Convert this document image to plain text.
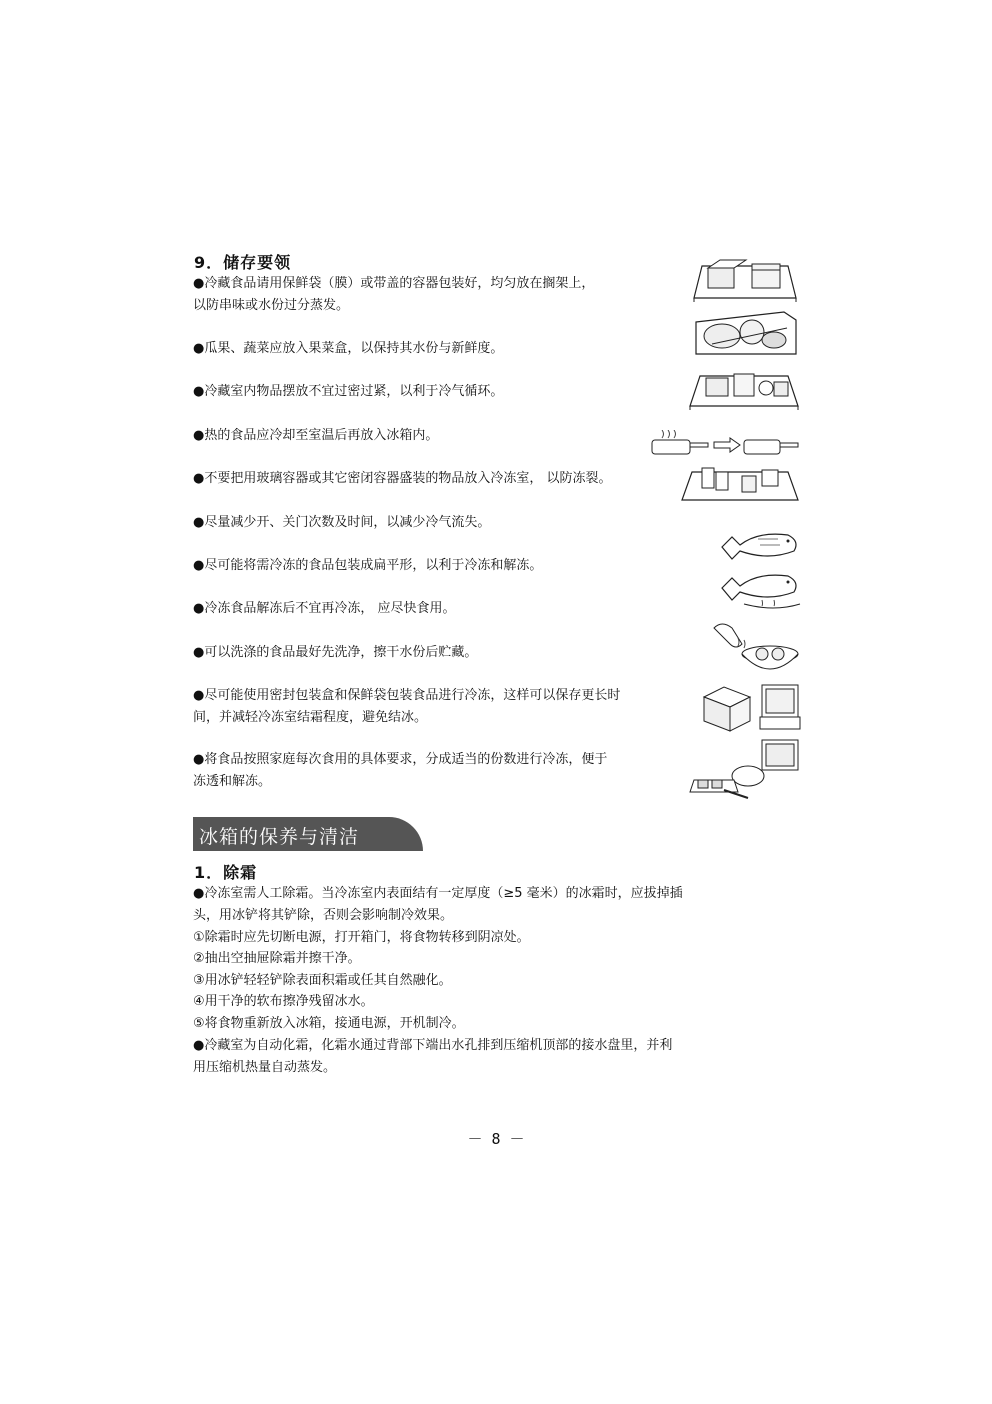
9．储存要领
●冷藏食品请用保鲜袋（膜）或带盖的容器包装好，均匀放在搁架上，
以防串味或水份过分蒸发。
●瓜果、蔬菜应放入果菜盒，以保持其水份与新鲜度。
●冷藏室内物品摆放不宜过密过紧，以利于冷气循环。
●热的食品应冷却至室温后再放入冰箱内。
●不要把用玻璃容器或其它密闭容器盛装的物品放入冷冻室， 以防冻裂。
●尽量减少开、关门次数及时间，以减少冷气流失。
●尽可能将需冷冻的食品包装成扁平形，以利于冷冻和解冻。
●冷冻食品解冻后不宜再冷冻， 应尽快食用。
●可以洗涤的食品最好先洗净，擦干水份后贮藏。
●尽可能使用密封包装盒和保鲜袋包装食品进行冷冻，这样可以保存更长时
间，并减轻冷冻室结霜程度，避免结冰。
●将食品按照家庭每次食用的具体要求，分成适当的份数进行冷冻，便于
冻透和解冻。
冰箱的保养与清洁
1．除霜
●冷冻室需人工除霜。当冷冻室内表面结有一定厚度（≥5 毫米）的冰霜时，应拔掉插
头，用冰铲将其铲除，否则会影响制冷效果。
①除霜时应先切断电源，打开箱门，将食物转移到阴凉处。
②抽出空抽屉除霜并擦干净。
③用冰铲轻轻铲除表面积霜或任其自然融化。
④用干净的软布擦净残留冰水。
⑤将食物重新放入冰箱，接通电源，开机制冷。
●冷藏室为自动化霜，化霜水通过背部下端出水孔排到压缩机顶部的接水盘里，并利
用压缩机热量自动蒸发。
－ 8 －
